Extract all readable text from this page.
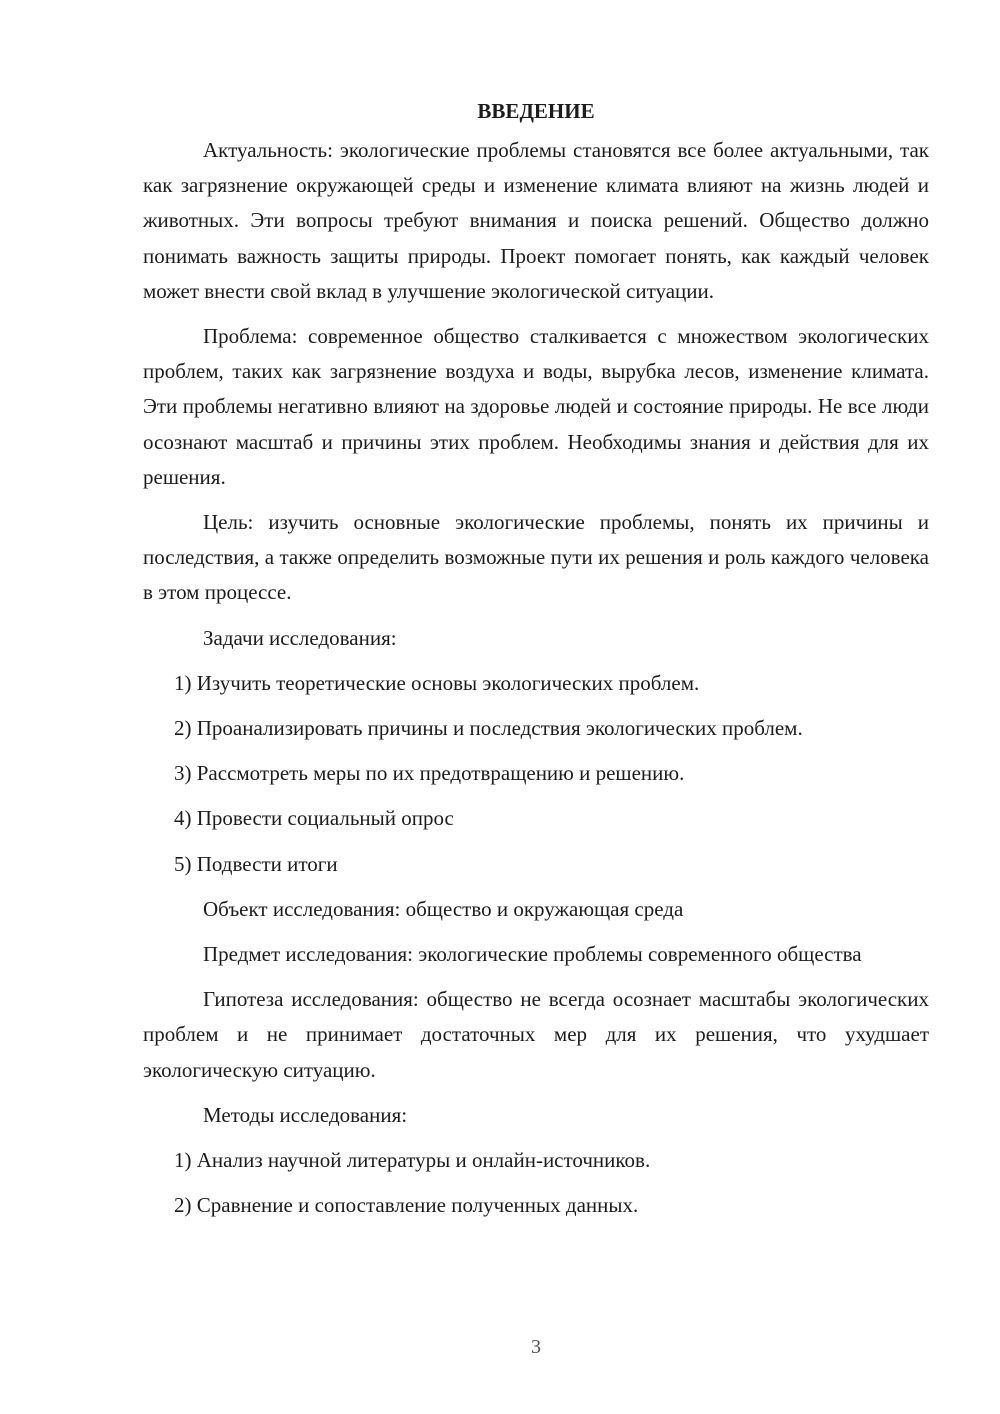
ВВЕДЕНИЕ

Актуальность: экологические проблемы становятся все более актуальными, так как загрязнение окружающей среды и изменение климата влияют на жизнь людей и животных. Эти вопросы требуют внимания и поиска решений. Общество должно понимать важность защиты природы. Проект помогает понять, как каждый человек может внести свой вклад в улучшение экологической ситуации.

Проблема: современное общество сталкивается с множеством экологических проблем, таких как загрязнение воздуха и воды, вырубка лесов, изменение климата. Эти проблемы негативно влияют на здоровье людей и состояние природы. Не все люди осознают масштаб и причины этих проблем. Необходимы знания и действия для их решения.

Цель: изучить основные экологические проблемы, понять их причины и последствия, а также определить возможные пути их решения и роль каждого человека в этом процессе.

Задачи исследования:

1) Изучить теоретические основы экологических проблем.

2) Проанализировать причины и последствия экологических проблем.

3) Рассмотреть меры по их предотвращению и решению.

4) Провести социальный опрос

5) Подвести итоги

Объект исследования: общество и окружающая среда

Предмет исследования: экологические проблемы современного общества

Гипотеза исследования: общество не всегда осознает масштабы экологических проблем и не принимает достаточных мер для их решения, что ухудшает экологическую ситуацию.

Методы исследования:

1) Анализ научной литературы и онлайн-источников.

2) Сравнение и сопоставление полученных данных.

3
